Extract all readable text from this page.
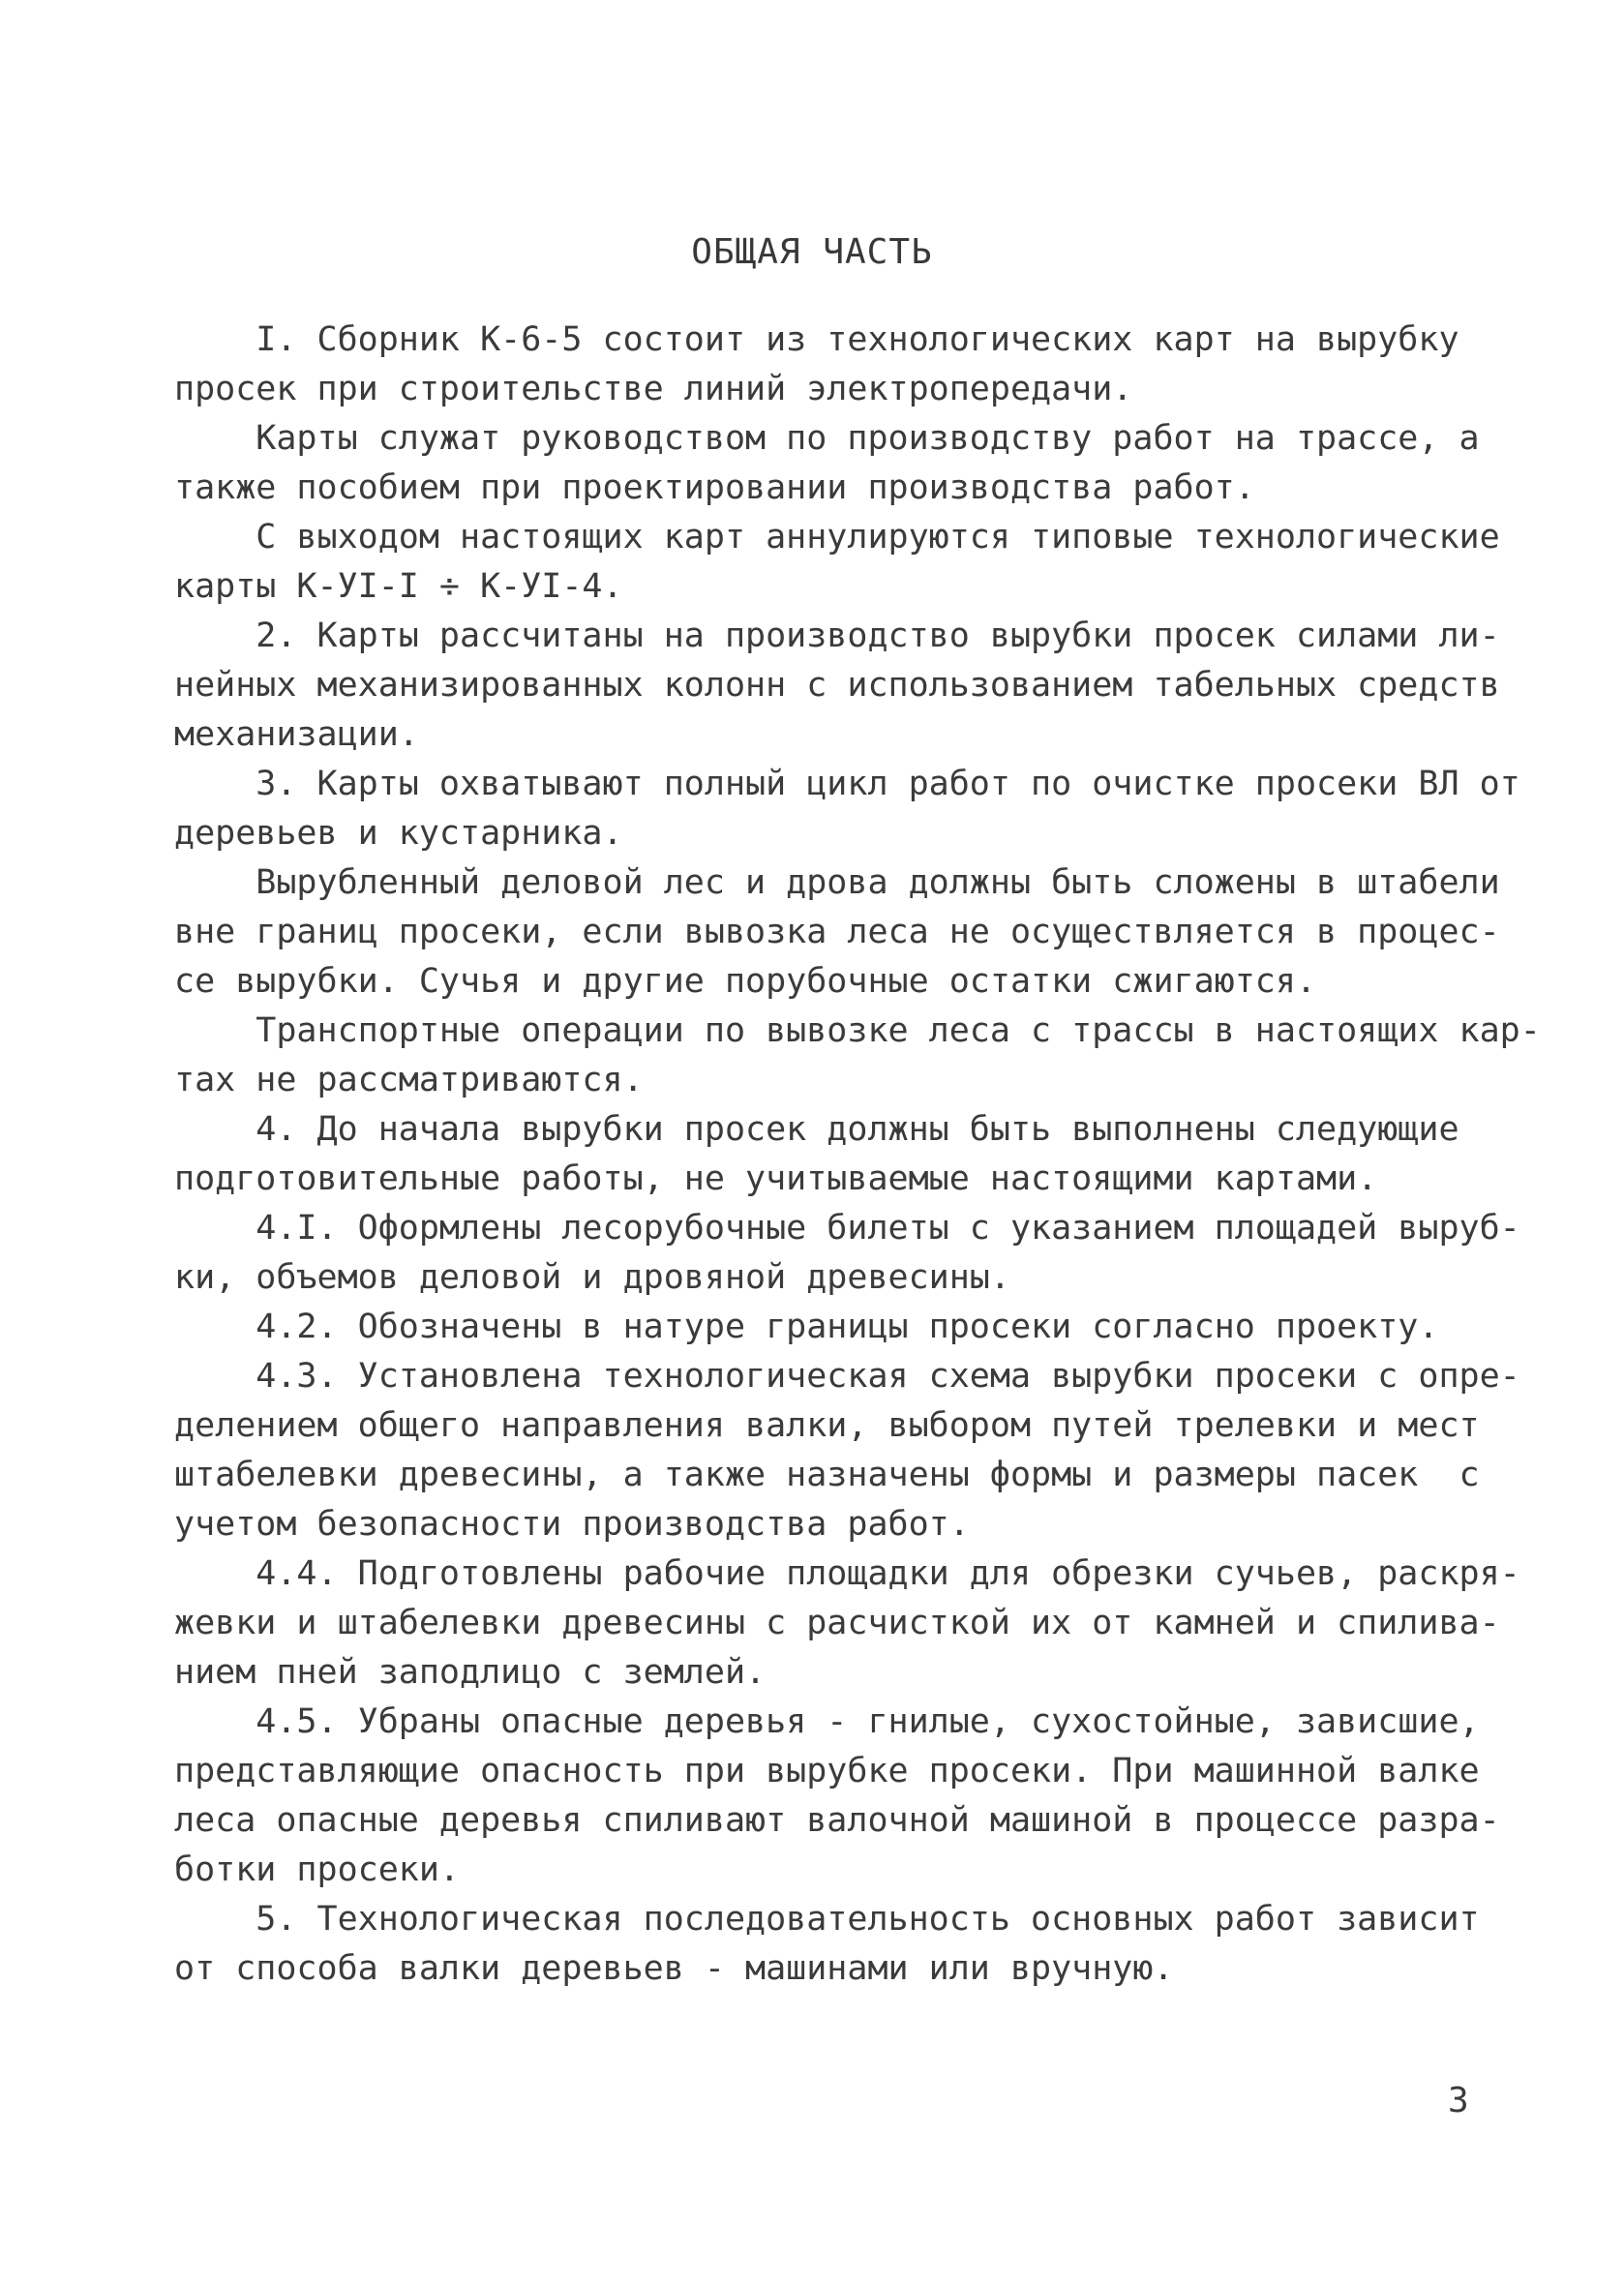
ОБЩАЯ ЧАСТЬ
I. Сборник К-6-5 состоит из технологических карт на вырубку
просек при строительстве линий электропередачи.
Карты служат руководством по производству работ на трассе, а
также пособием при проектировании производства работ.
С выходом настоящих карт аннулируются типовые технологические
карты К-УI-I ÷ К-УI-4.
2. Карты рассчитаны на производство вырубки просек силами ли-
нейных механизированных колонн с использованием табельных средств
механизации.
3. Карты охватывают полный цикл работ по очистке просеки ВЛ от
деревьев и кустарника.
Вырубленный деловой лес и дрова должны быть сложены в штабели
вне границ просеки, если вывозка леса не осуществляется в процес-
се вырубки. Сучья и другие порубочные остатки сжигаются.
Транспортные операции по вывозке леса с трассы в настоящих кар-
тах не рассматриваются.
4. До начала вырубки просек должны быть выполнены следующие
подготовительные работы, не учитываемые настоящими картами.
4.I. Оформлены лесорубочные билеты с указанием площадей выруб-
ки, объемов деловой и дровяной древесины.
4.2. Обозначены в натуре границы просеки согласно проекту.
4.3. Установлена технологическая схема вырубки просеки с опре-
делением общего направления валки, выбором путей трелевки и мест
штабелевки древесины, а также назначены формы и размеры пасек  с
учетом безопасности производства работ.
4.4. Подготовлены рабочие площадки для обрезки сучьев, раскря-
жевки и штабелевки древесины с расчисткой их от камней и спилива-
нием пней заподлицо с землей.
4.5. Убраны опасные деревья - гнилые, сухостойные, зависшие,
представляющие опасность при вырубке просеки. При машинной валке
леса опасные деревья спиливают валочной машиной в процессе разра-
ботки просеки.
5. Технологическая последовательность основных работ зависит
от способа валки деревьев - машинами или вручную.
3
